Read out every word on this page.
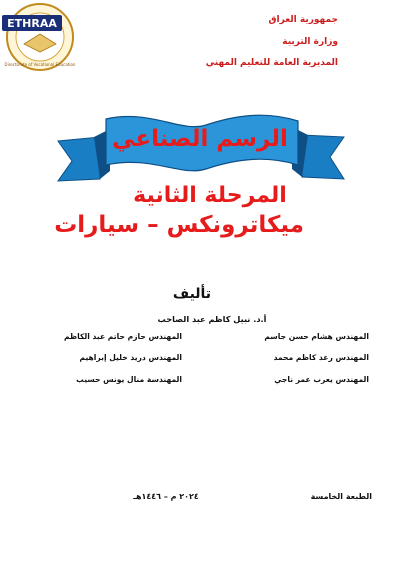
ETHRAA
Directorate of Vocational Education
جمهورية العراق
وزارة التربية
المديرية العامة للتعليم المهني
الرسم الصناعي
المرحلة الثانية
ميكاترونكس – سيارات
تأليف
أ.د. نبيل كاظم عبد الصاحب
المهندس هشام حسن جاسم
المهندس رعد كاظم محمد
المهندس يعرب عمر ناجي
المهندس حازم حاتم عبد الكاظم
المهندس دريد خليل إبراهيم
المهندسة منال يونس حسيب
الطبعة الخامسة
٢٠٢٤ م – ١٤٤٦هـ
